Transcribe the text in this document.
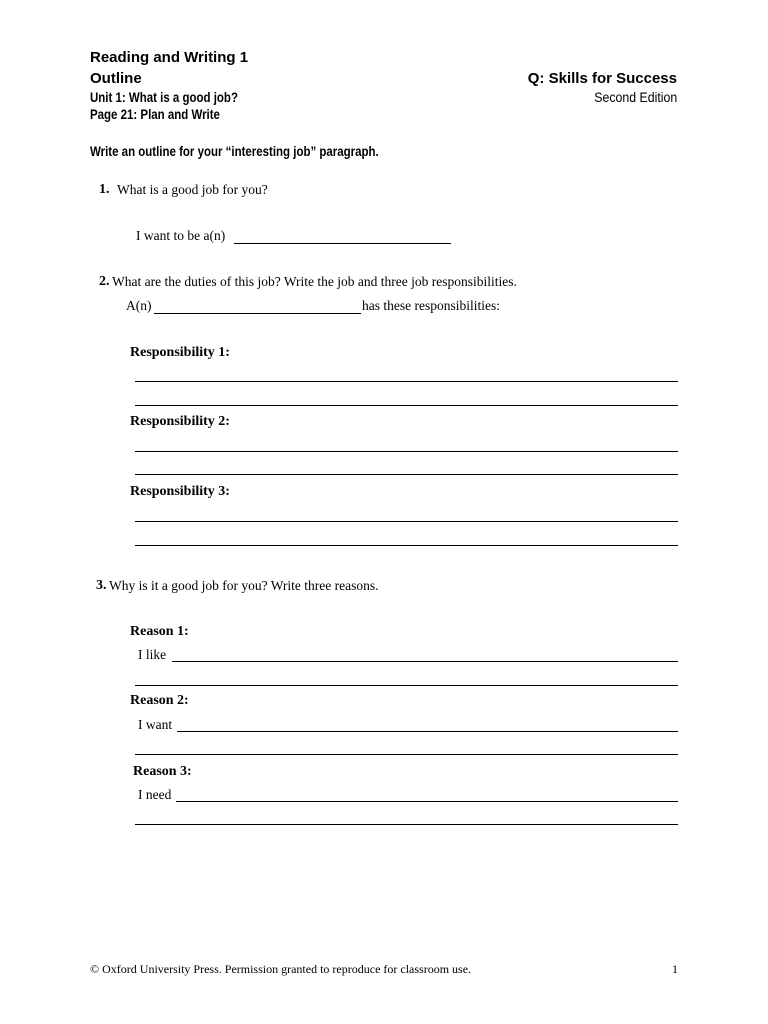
Reading and Writing 1
Outline
Unit 1: What is a good job?
Page 21: Plan and Write
Q: Skills for Success
Second Edition
Write an outline for your “interesting job” paragraph.
1. What is a good job for you?
I want to be a(n)
2. What are the duties of this job? Write the job and three job responsibilities.
A(n)	has these responsibilities:
Responsibility 1:
Responsibility 2:
Responsibility 3:
3. Why is it a good job for you? Write three reasons.
Reason 1:
I like
Reason 2:
I want
Reason 3:
I need
© Oxford University Press. Permission granted to reproduce for classroom use.	1
